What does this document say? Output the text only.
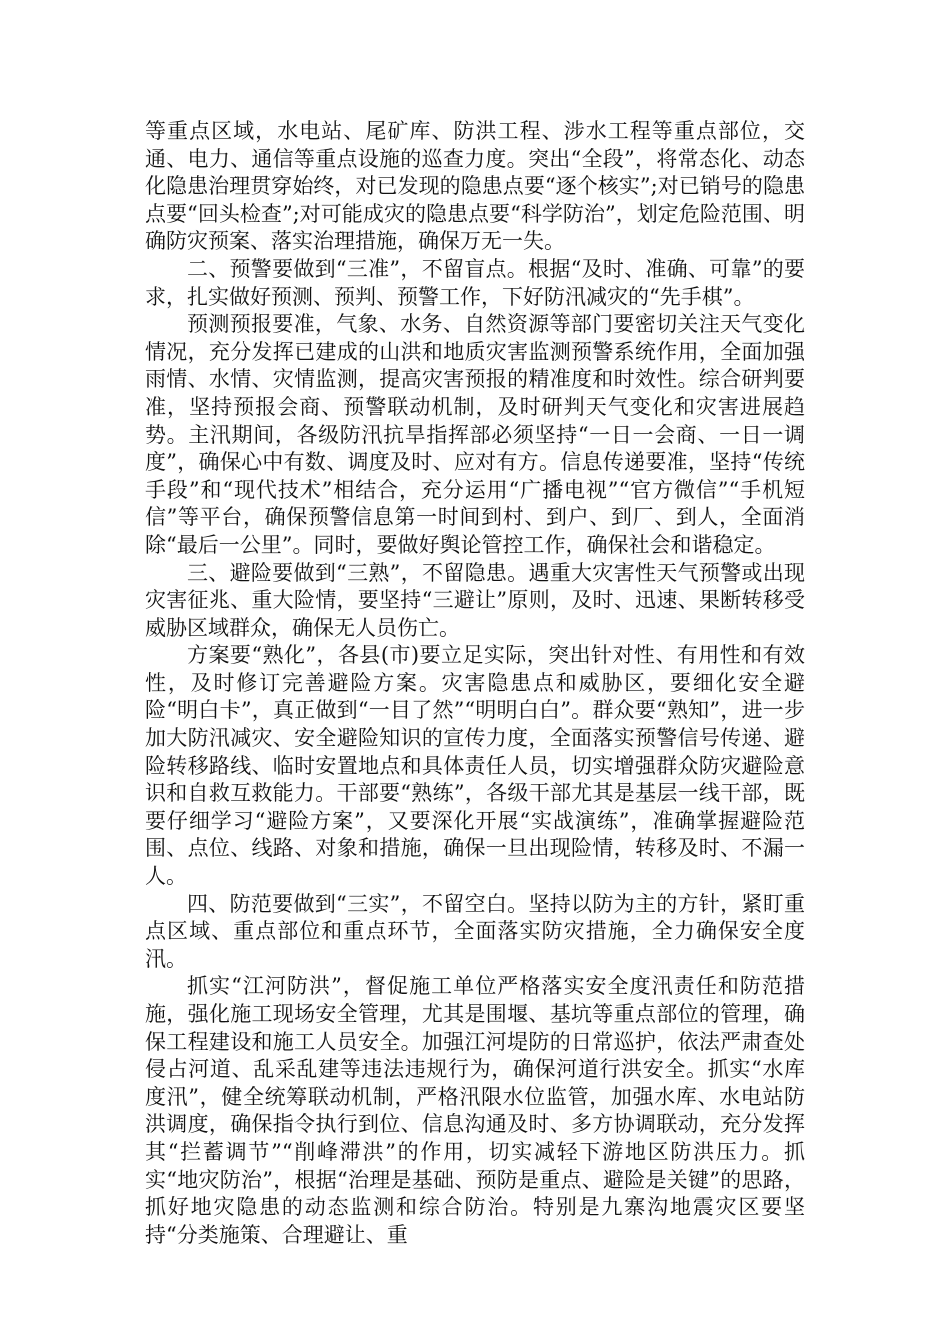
等重点区域，水电站、尾矿库、防洪工程、涉水工程等重点部位，交通、电力、通信等重点设施的巡查力度。突出“全段”，将常态化、动态化隐患治理贯穿始终，对已发现的隐患点要“逐个核实”;对已销号的隐患点要“回头检查”;对可能成灾的隐患点要“科学防治”，划定危险范围、明确防灾预案、落实治理措施，确保万无一失。

二、预警要做到“三准”，不留盲点。根据“及时、准确、可靠”的要求，扎实做好预测、预判、预警工作，下好防汛减灾的“先手棋”。

预测预报要准，气象、水务、自然资源等部门要密切关注天气变化情况，充分发挥已建成的山洪和地质灾害监测预警系统作用，全面加强雨情、水情、灾情监测，提高灾害预报的精准度和时效性。综合研判要准，坚持预报会商、预警联动机制，及时研判天气变化和灾害进展趋势。主汛期间，各级防汛抗旱指挥部必须坚持“一日一会商、一日一调度”，确保心中有数、调度及时、应对有方。信息传递要准，坚持“传统手段”和“现代技术”相结合，充分运用“广播电视”“官方微信”“手机短信”等平台，确保预警信息第一时间到村、到户、到厂、到人，全面消除“最后一公里”。同时，要做好舆论管控工作，确保社会和谐稳定。

三、避险要做到“三熟”，不留隐患。遇重大灾害性天气预警或出现灾害征兆、重大险情，要坚持“三避让”原则，及时、迅速、果断转移受威胁区域群众，确保无人员伤亡。

方案要“熟化”，各县(市)要立足实际，突出针对性、有用性和有效性，及时修订完善避险方案。灾害隐患点和威胁区，要细化安全避险“明白卡”，真正做到“一目了然”“明明白白”。群众要“熟知”，进一步加大防汛减灾、安全避险知识的宣传力度，全面落实预警信号传递、避险转移路线、临时安置地点和具体责任人员，切实增强群众防灾避险意识和自救互救能力。干部要“熟练”，各级干部尤其是基层一线干部，既要仔细学习“避险方案”，又要深化开展“实战演练”，准确掌握避险范围、点位、线路、对象和措施，确保一旦出现险情，转移及时、不漏一人。

四、防范要做到“三实”，不留空白。坚持以防为主的方针，紧盯重点区域、重点部位和重点环节，全面落实防灾措施，全力确保安全度汛。

抓实“江河防洪”，督促施工单位严格落实安全度汛责任和防范措施，强化施工现场安全管理，尤其是围堰、基坑等重点部位的管理，确保工程建设和施工人员安全。加强江河堤防的日常巡护，依法严肃查处侵占河道、乱采乱建等违法违规行为，确保河道行洪安全。抓实“水库度汛”，健全统筹联动机制，严格汛限水位监管，加强水库、水电站防洪调度，确保指令执行到位、信息沟通及时、多方协调联动，充分发挥其“拦蓄调节”“削峰滞洪”的作用，切实减轻下游地区防洪压力。抓实“地灾防治”，根据“治理是基础、预防是重点、避险是关键”的思路，抓好地灾隐患的动态监测和综合防治。特别是九寨沟地震灾区要坚持“分类施策、合理避让、重
